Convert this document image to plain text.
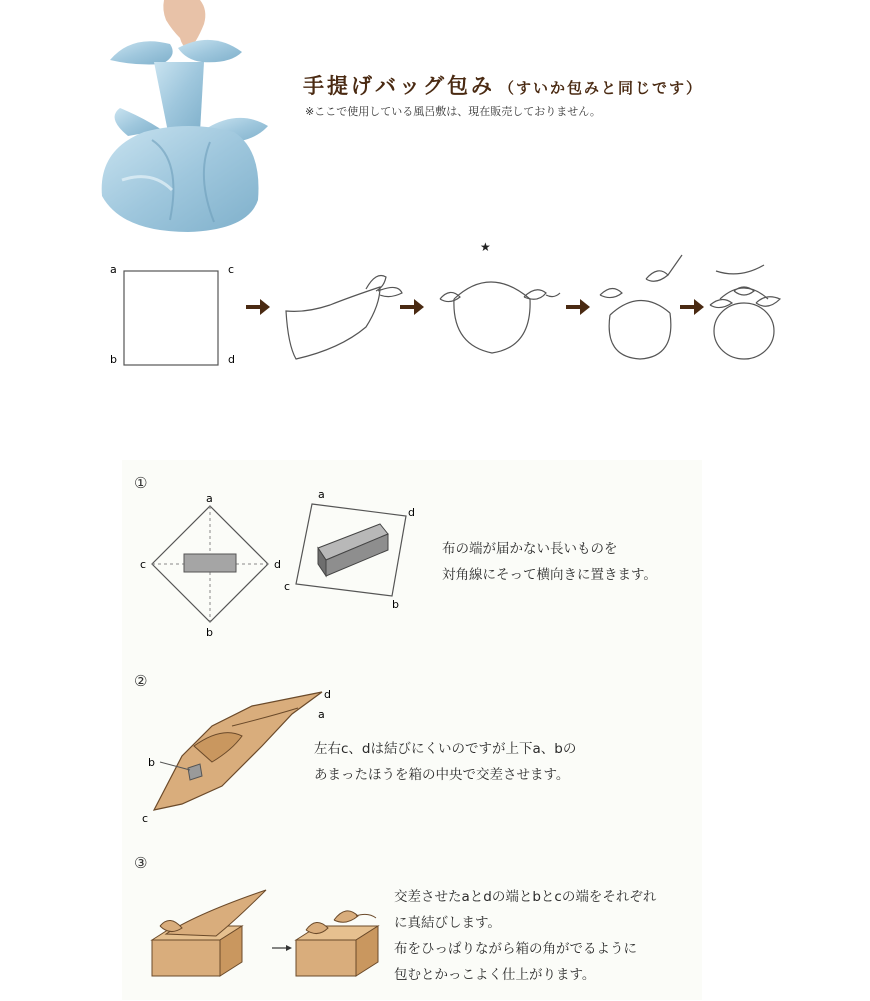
手提げバッグ包み （すいか包みと同じです）
※ここで使用している風呂敷は、現在販売しておりません。
a	c
b	d
★
①
a
b
c	d
a
d
c
b
布の端が届かない長いものを
対角線にそって横向きに置きます。
②
b
c
d
a
左右c、dは結びにくいのですが上下a、bの
あまったほうを箱の中央で交差させます。
③
交差させたaとdの端とbとcの端をそれぞれ
に真結びします。
布をひっぱりながら箱の角がでるように
包むとかっこよく仕上がります。
